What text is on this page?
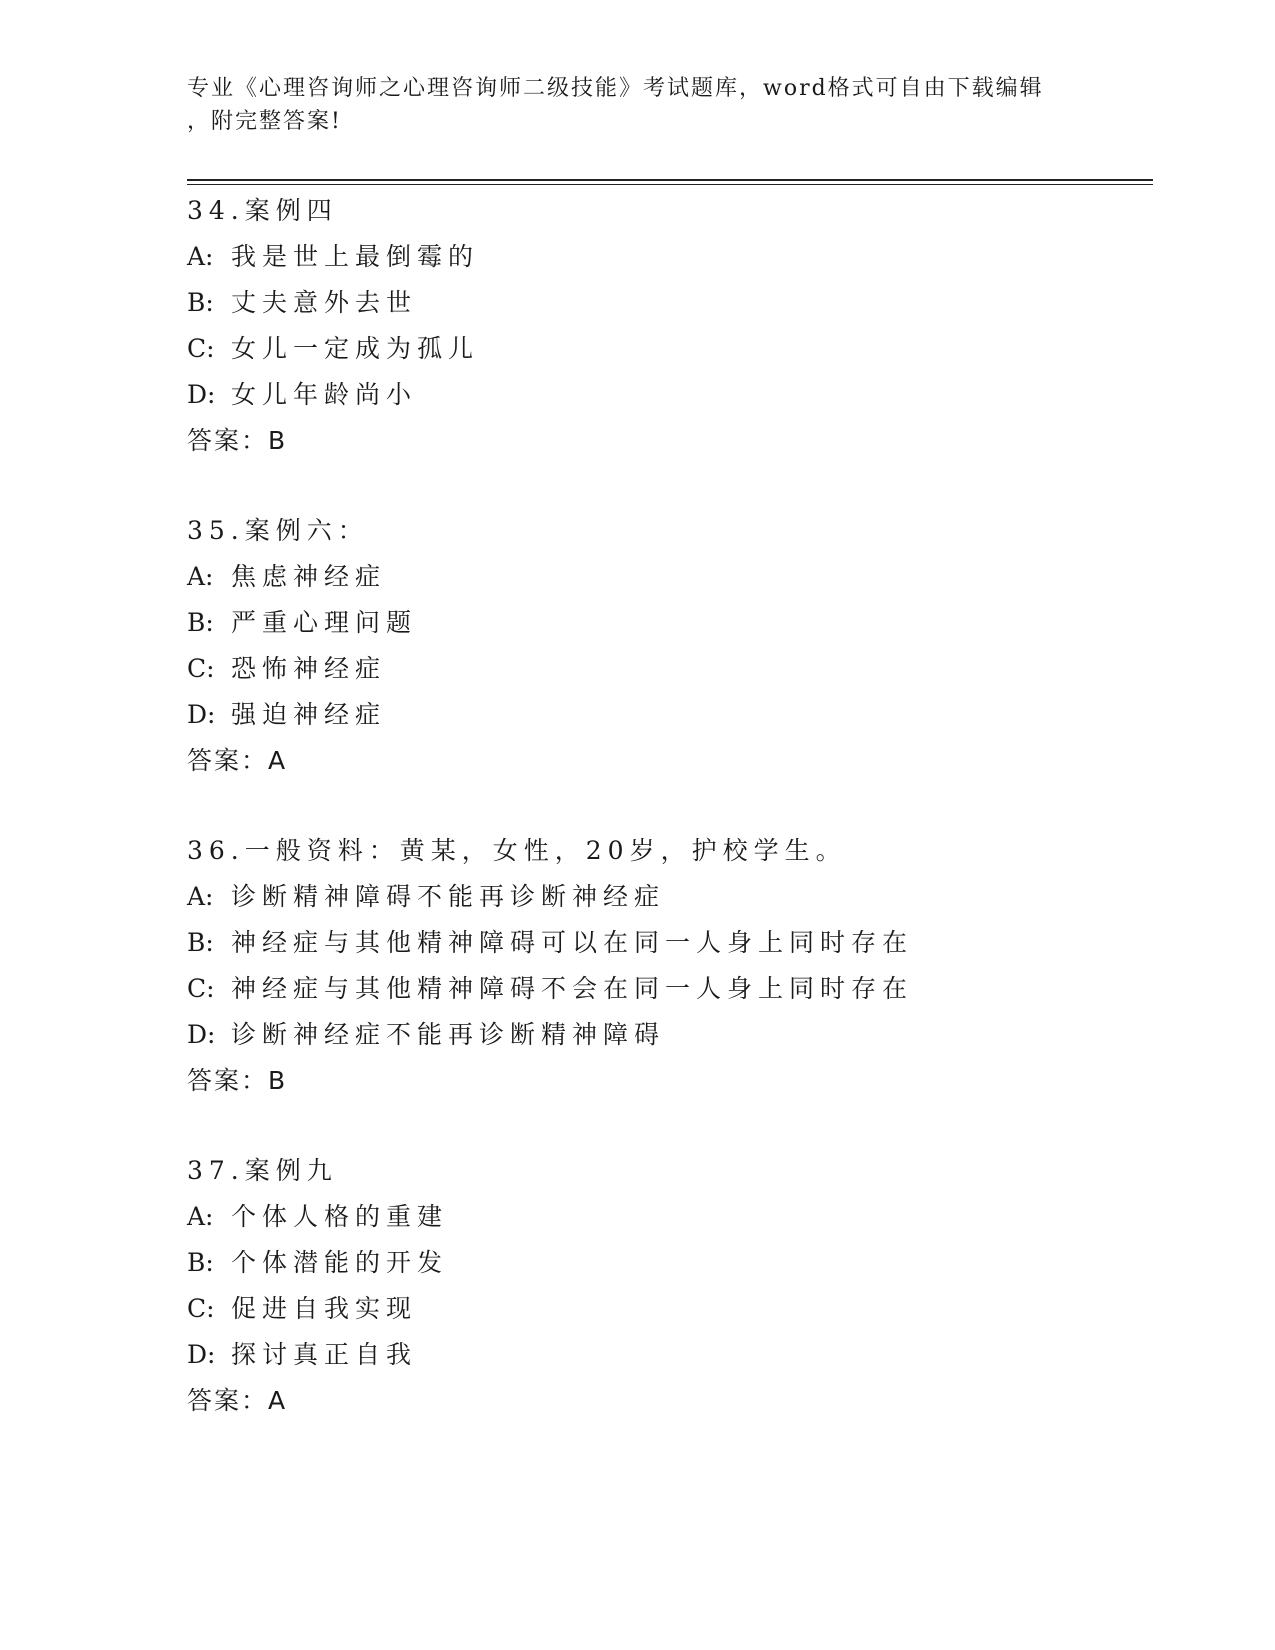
专业《心理咨询师之心理咨询师二级技能》考试题库，word格式可自由下载编辑
，附完整答案!
34.案例四
A: 我是世上最倒霉的
B: 丈夫意外去世
C: 女儿一定成为孤儿
D: 女儿年龄尚小
答案：B
35.案例六：
A: 焦虑神经症
B: 严重心理问题
C: 恐怖神经症
D: 强迫神经症
答案：A
36.一般资料：黄某，女性，20岁，护校学生。
A: 诊断精神障碍不能再诊断神经症
B: 神经症与其他精神障碍可以在同一人身上同时存在
C: 神经症与其他精神障碍不会在同一人身上同时存在
D: 诊断神经症不能再诊断精神障碍
答案：B
37.案例九
A: 个体人格的重建
B: 个体潜能的开发
C: 促进自我实现
D: 探讨真正自我
答案：A
